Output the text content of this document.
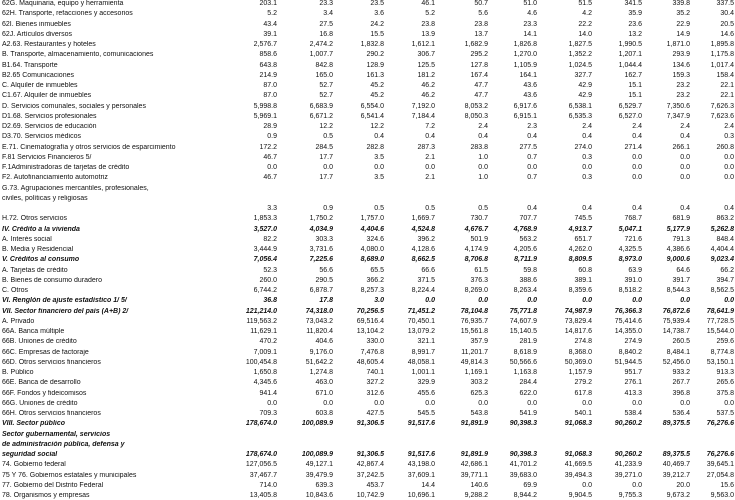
62G. Maquinaria, equipo y herramienta	203.1	23.3	23.5	46.1	50.7	51.0	51.5	341.5	339.8	337.5
62H. Transporte, refacciones y accesorios	5.2	3.4	3.6	5.2	5.6	4.6	4.2	35.9	35.2	30.4
62I. Bienes inmuebles	43.4	27.5	24.2	23.8	23.8	23.3	22.2	23.6	22.9	20.5
62J. Artículos diversos	39.1	16.8	15.5	13.9	13.7	14.1	14.0	13.2	14.9	14.6
A2.63. Restaurantes y hoteles	2,576.7	2,474.2	1,832.8	1,612.1	1,682.9	1,826.8	1,827.5	1,990.5	1,871.0	1,895.8
B. Transporte, almacenamiento, comunicaciones	858.6	1,007.7	290.2	306.7	295.2	1,270.0	1,352.2	1,207.1	293.9	1,175.8
B1.64. Transporte	643.8	842.8	128.9	125.5	127.8	1,105.9	1,024.5	1,044.4	134.6	1,017.4
B2.65 Comunicaciones	214.9	165.0	161.3	181.2	167.4	164.1	327.7	162.7	159.3	158.4
C. Alquiler de inmuebles	87.0	52.7	45.2	46.2	47.7	43.6	42.9	15.1	23.2	22.1
C1.67. Alquiler de inmuebles	87.0	52.7	45.2	46.2	47.7	43.6	42.9	15.1	23.2	22.1
D. Servicios comunales, sociales y personales	5,998.8	6,683.9	6,554.0	7,192.0	8,053.2	6,917.6	6,538.1	6,529.7	7,350.6	7,626.3
D1.68. Servicios profesionales	5,969.1	6,671.2	6,541.4	7,184.4	8,050.3	6,915.1	6,535.3	6,527.0	7,347.9	7,623.6
D2.69. Servicios de educación	28.9	12.2	12.2	7.2	2.4	2.3	2.4	2.4	2.4	2.4
D3.70. Servicios médicos	0.9	0.5	0.4	0.4	0.4	0.4	0.4	0.4	0.4	0.3
E.71. Cinematografía y otros servicios de esparcimiento	172.2	284.5	282.8	287.3	283.8	277.5	274.0	271.4	266.1	260.8
F.81 Servicios Financieros 5/	46.7	17.7	3.5	2.1	1.0	0.7	0.3	0.0	0.0	0.0
F.1Administradoras de tarjetas de crédito	0.0	0.0	0.0	0.0	0.0	0.0	0.0	0.0	0.0	0.0
F2. Autofinanciamiento automotriz	46.7	17.7	3.5	2.1	1.0	0.7	0.3	0.0	0.0	0.0
G.73. Agrupaciones mercantiles, profesionales,
civiles, políticas y religiosas
3.3	0.9	0.5	0.5	0.5	0.4	0.4	0.4	0.4	0.4
H.72. Otros servicios	1,853.3	1,750.2	1,757.0	1,669.7	730.7	707.7	745.5	768.7	681.9	863.2
IV. Crédito a la vivienda	3,527.0	4,034.9	4,404.6	4,524.8	4,676.7	4,768.9	4,913.7	5,047.1	5,177.9	5,262.8
A. Interés social	82.2	303.3	324.6	396.2	501.9	563.2	651.7	721.6	791.3	848.4
B. Media y Residencial	3,444.9	3,731.6	4,080.0	4,128.6	4,174.9	4,205.6	4,262.0	4,325.5	4,386.6	4,404.4
V. Créditos al consumo	7,056.4	7,225.6	8,689.0	8,662.5	8,706.8	8,711.9	8,809.5	8,973.0	9,000.6	9,023.4
A. Tarjetas de crédito	52.3	56.6	65.5	66.6	61.5	59.8	60.8	63.9	64.6	66.2
B. Bienes de consumo duradero	260.0	290.5	366.2	371.5	376.3	388.6	389.1	391.0	391.7	394.7
C. Otros	6,744.2	6,878.7	8,257.3	8,224.4	8,269.0	8,263.4	8,359.6	8,518.2	8,544.3	8,562.5
VI. Renglón de ajuste estadístico 1/ 5/	36.8	17.8	3.0	0.0	0.0	0.0	0.0	0.0	0.0	0.0
VII. Sector financiero del país (A+B) 2/	121,214.0	74,318.0	70,256.5	71,451.2	78,104.8	75,771.8	74,987.9	76,366.3	76,872.6	78,641.9
A. Privado	119,563.2	73,043.2	69,516.4	70,450.1	76,935.7	74,607.9	73,829.4	75,414.6	75,939.4	77,728.5
66A. Banca múltiple	11,629.1	11,820.4	13,104.2	13,079.2	15,561.8	15,140.5	14,817.6	14,355.0	14,738.7	15,544.0
66B. Uniones de crédito	470.2	404.6	330.0	321.1	357.9	281.9	274.8	274.9	260.5	259.6
66C. Empresas de factoraje	7,009.1	9,176.0	7,476.8	8,991.7	11,201.7	8,618.9	8,368.0	8,840.2	8,484.1	8,774.8
66D. Otros servicios financieros	100,454.8	51,642.2	48,605.4	48,058.1	49,814.3	50,566.6	50,369.0	51,944.5	52,456.0	53,150.1
B. Público	1,650.8	1,274.8	740.1	1,001.1	1,169.1	1,163.8	1,157.9	951.7	933.2	913.3
66E. Banca de desarrollo	4,345.6	463.0	327.2	329.9	303.2	284.4	279.2	276.1	267.7	265.6
66F. Fondos y fideicomisos	941.4	671.0	312.6	455.6	625.3	622.0	617.8	413.3	396.8	375.8
66G. Uniones de crédito	0.0	0.0	0.0	0.0	0.0	0.0	0.0	0.0	0.0	0.0
66H. Otros servicios financieros	709.3	603.8	427.5	545.5	543.8	541.9	540.1	538.4	536.4	537.5
VIII. Sector público	178,674.0	100,089.9	91,306.5	91,517.6	91,891.9	90,398.3	91,068.3	90,260.2	89,375.5	76,276.6
Sector gubernamental, servicios
de administración pública, defensa y
seguridad social	178,674.0	100,089.9	91,306.5	91,517.6	91,891.9	90,398.3	91,068.3	90,260.2	89,375.5	76,276.6
74. Gobierno federal	127,056.5	49,127.1	42,867.4	43,198.0	42,686.1	41,701.2	41,669.5	41,233.9	40,469.7	39,645.1
75 Y 76. Gobiernos estatales y municipales	37,467.7	39,479.9	37,242.5	37,609.1	39,771.1	39,683.0	39,494.3	39,271.0	39,212.7	27,054.8
77. Gobierno del Distrito Federal	714.0	639.3	453.7	14.4	140.6	69.9	0.0	0.0	20.0	15.6
78. Organismos y empresas	13,405.8	10,843.6	10,742.9	10,696.1	9,288.2	8,944.2	9,904.5	9,755.3	9,673.2	9,563.0
